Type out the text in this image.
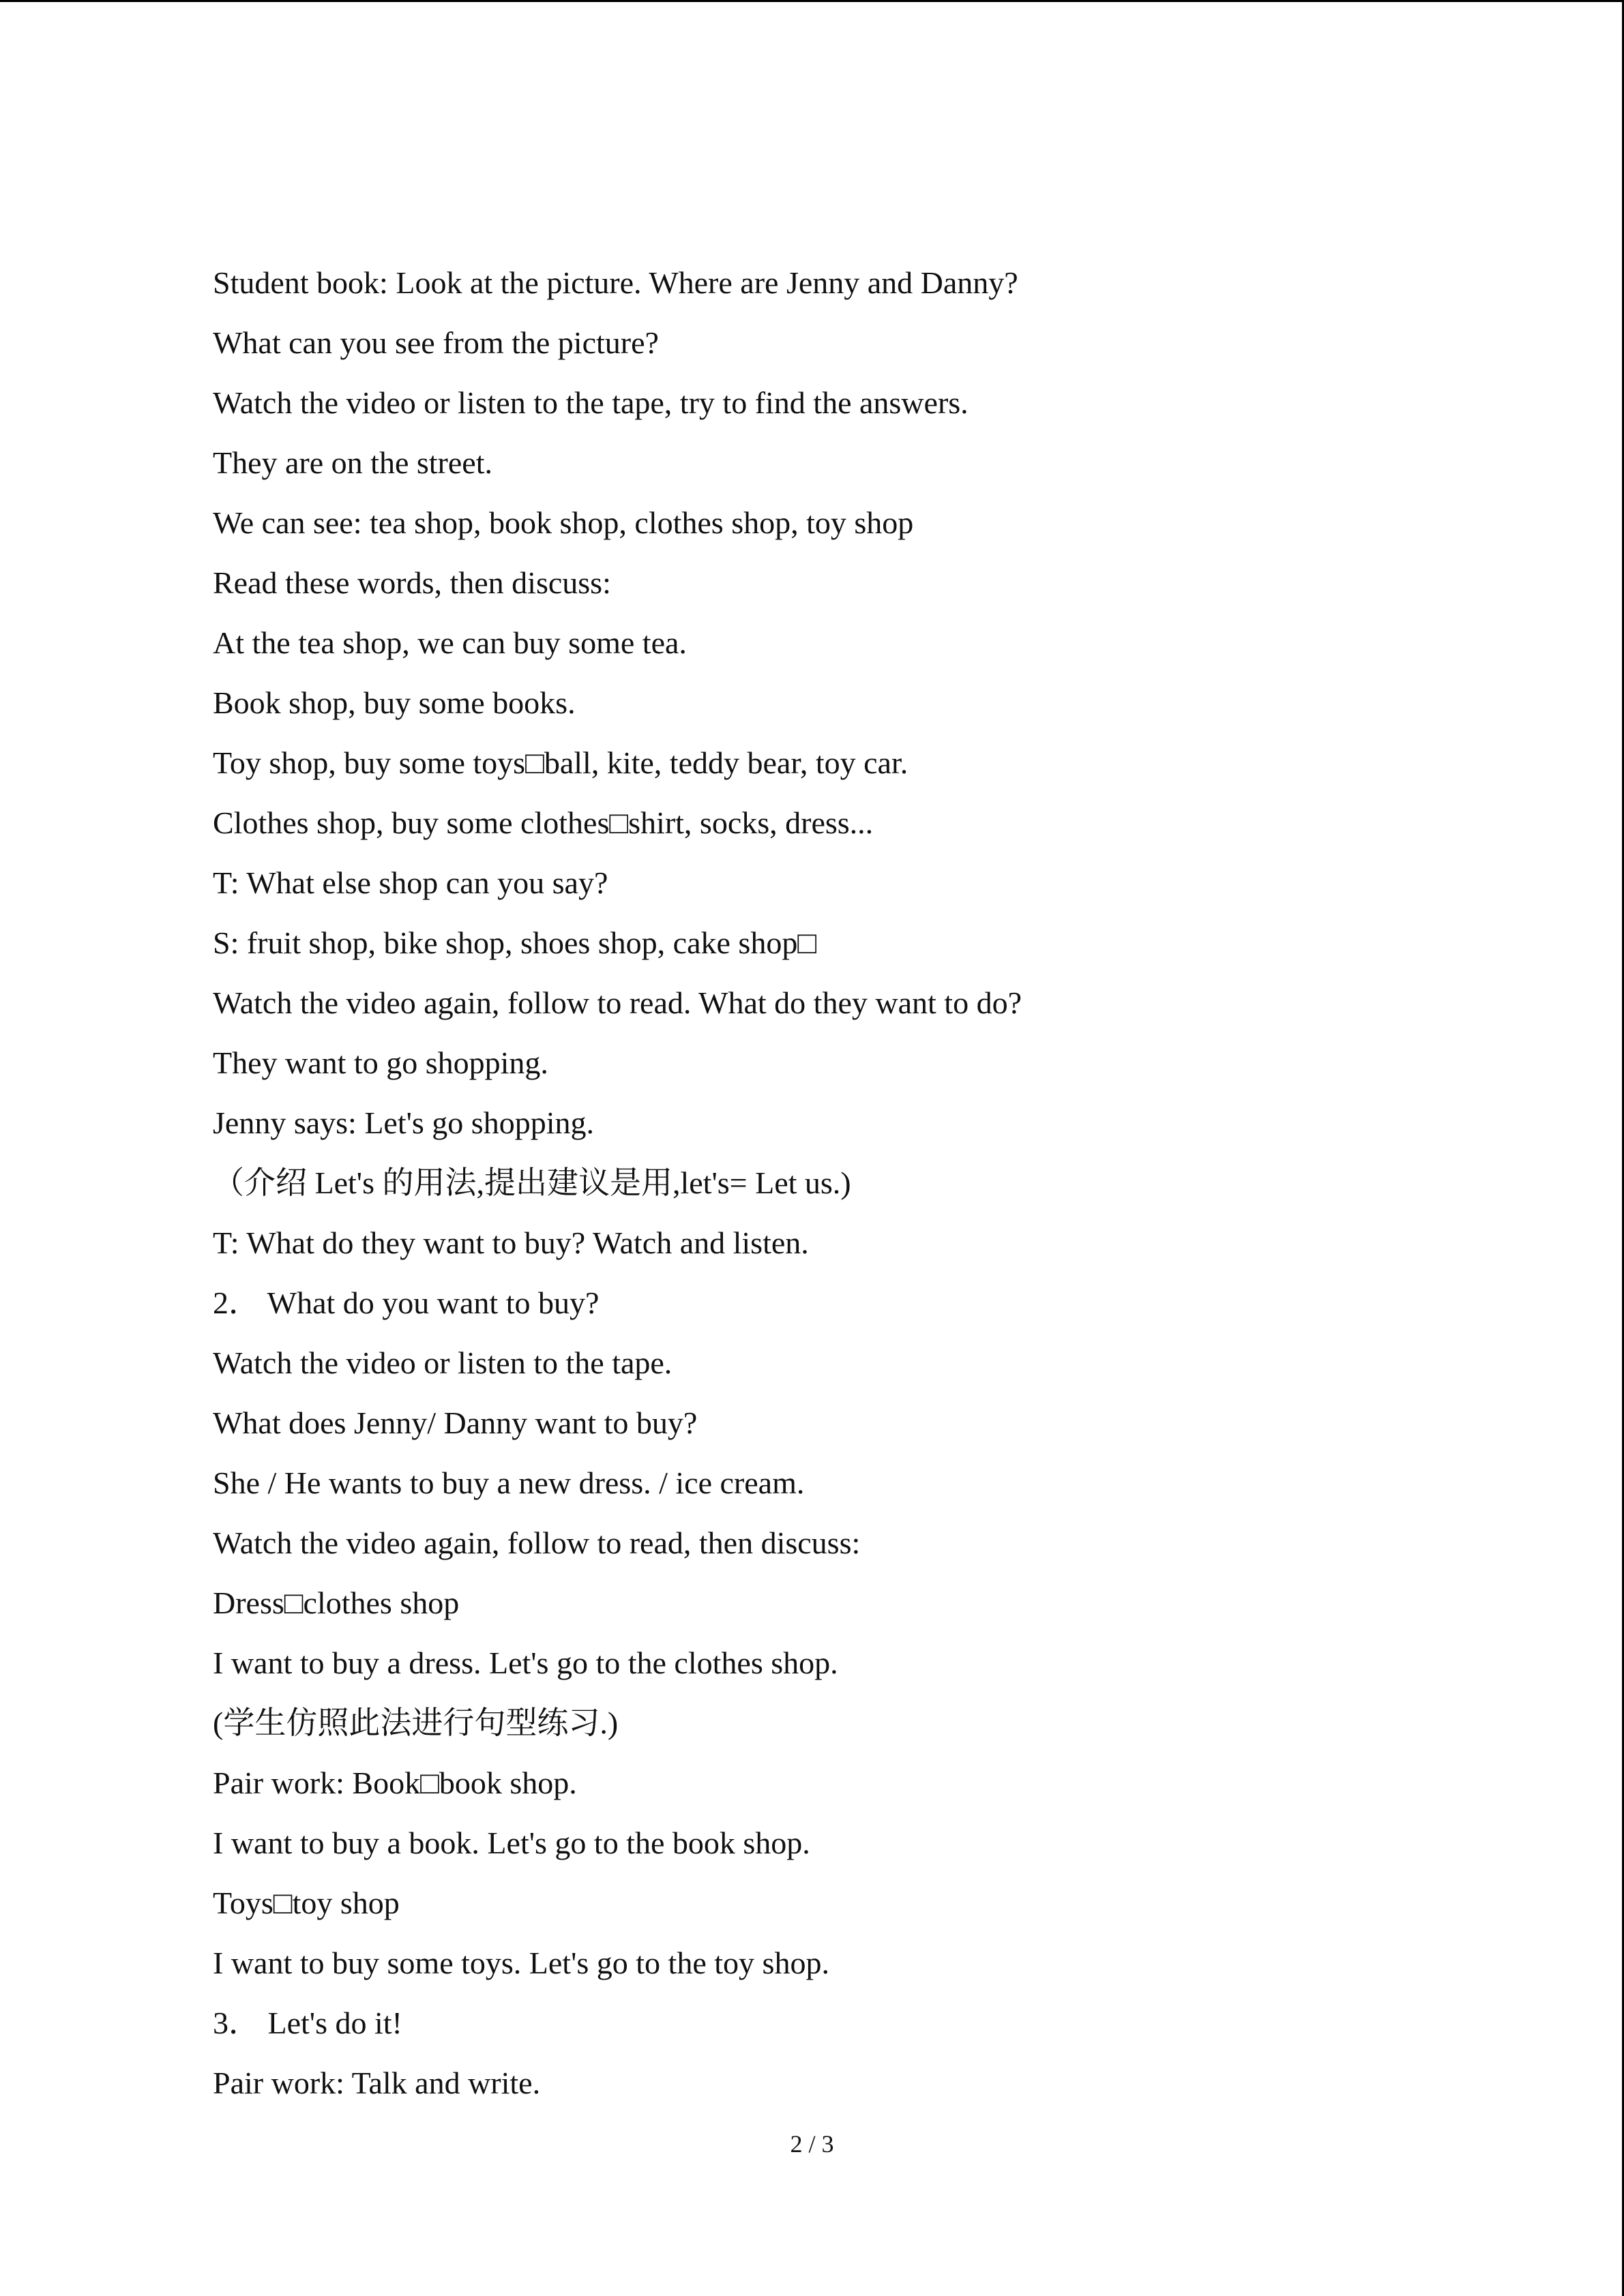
Student book: Look at the picture. Where are Jenny and Danny?
What can you see from the picture?
Watch the video or listen to the tape, try to find the answers.
They are on the street.
We can see: tea shop, book shop, clothes shop, toy shop
Read these words, then discuss:
At the tea shop, we can buy some tea.
Book shop, buy some books.
Toy shop, buy some toys□ball, kite, teddy bear, toy car.
Clothes shop, buy some clothes□shirt, socks, dress...
T: What else shop can you say?
S: fruit shop, bike shop, shoes shop, cake shop□
Watch the video again, follow to read. What do they want to do?
They want to go shopping.
Jenny says: Let's go shopping.
（介绍 Let's 的用法,提出建议是用,let's= Let us.)
T: What do they want to buy? Watch and listen.
2． What do you want to buy?
Watch the video or listen to the tape.
What does Jenny/ Danny want to buy?
She / He wants to buy a new dress. / ice cream.
Watch the video again, follow to read, then discuss:
Dress□clothes shop
I want to buy a dress. Let's go to the clothes shop.
(学生仿照此法进行句型练习.)
Pair work: Book□book shop.
I want to buy a book. Let's go to the book shop.
Toys□toy shop
I want to buy some toys. Let's go to the toy shop.
3． Let's do it!
Pair work: Talk and write.
2 / 3
